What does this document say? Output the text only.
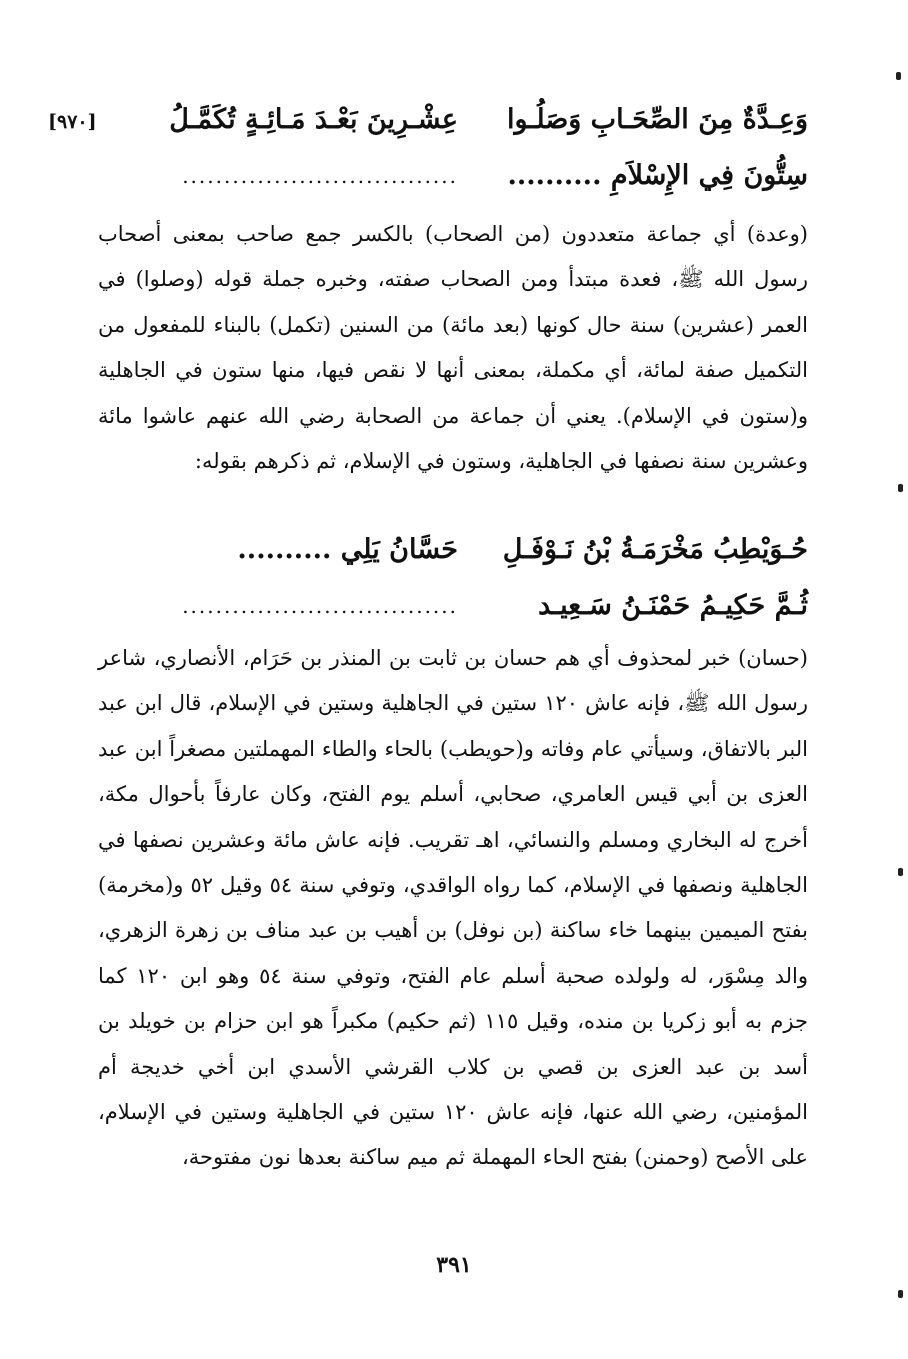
وَعِـدَّةٌ مِنَ الصِّحَـابِ وَصَلُـوا
عِشْـرِينَ بَعْـدَ مَـائِـةٍ تُكَمَّـلُ
[٩٧٠]
سِتُّونَ فِي الإِسْلاَمِ ..........
.................................

(وعدة) أي جماعة متعددون (من الصحاب) بالكسر جمع صاحب بمعنى أصحاب رسول الله ﷺ، فعدة مبتدأ ومن الصحاب صفته، وخبره جملة قوله (وصلوا) في العمر (عشرين) سنة حال كونها (بعد مائة) من السنين (تكمل) بالبناء للمفعول من التكميل صفة لمائة، أي مكملة، بمعنى أنها لا نقص فيها، منها ستون في الجاهلية و(ستون في الإسلام). يعني أن جماعة من الصحابة رضي الله عنهم عاشوا مائة وعشرين سنة نصفها في الجاهلية، وستون في الإسلام، ثم ذكرهم بقوله:

حُـوَيْطِبُ مَخْرَمَـةُ بْنُ نَـوْفَـلِ
حَسَّانُ يَلِي ..........
ثُـمَّ حَكِيـمُ حَمْنَـنُ سَـعِيـد
.................................

(حسان) خبر لمحذوف أي هم حسان بن ثابت بن المنذر بن حَرَام، الأنصاري، شاعر رسول الله ﷺ، فإنه عاش ١٢٠ ستين في الجاهلية وستين في الإسلام، قال ابن عبد البر بالاتفاق، وسيأتي عام وفاته و(حويطب) بالحاء والطاء المهملتين مصغراً ابن عبد العزى بن أبي قيس العامري، صحابي، أسلم يوم الفتح، وكان عارفاً بأحوال مكة، أخرج له البخاري ومسلم والنسائي، اهـ تقريب. فإنه عاش مائة وعشرين نصفها في الجاهلية ونصفها في الإسلام، كما رواه الواقدي، وتوفي سنة ٥٤ وقيل ٥٢ و(مخرمة) بفتح الميمين بينهما خاء ساكنة (بن نوفل) بن أهيب بن عبد مناف بن زهرة الزهري، والد مِسْوَر، له ولولده صحبة أسلم عام الفتح، وتوفي سنة ٥٤ وهو ابن ١٢٠ كما جزم به أبو زكريا بن منده، وقيل ١١٥ (ثم حكيم) مكبراً هو ابن حزام بن خويلد بن أسد بن عبد العزى بن قصي بن كلاب القرشي الأسدي ابن أخي خديجة أم المؤمنين، رضي الله عنها، فإنه عاش ١٢٠ ستين في الجاهلية وستين في الإسلام، على الأصح (وحمنن) بفتح الحاء المهملة ثم ميم ساكنة بعدها نون مفتوحة،

٣٩١
